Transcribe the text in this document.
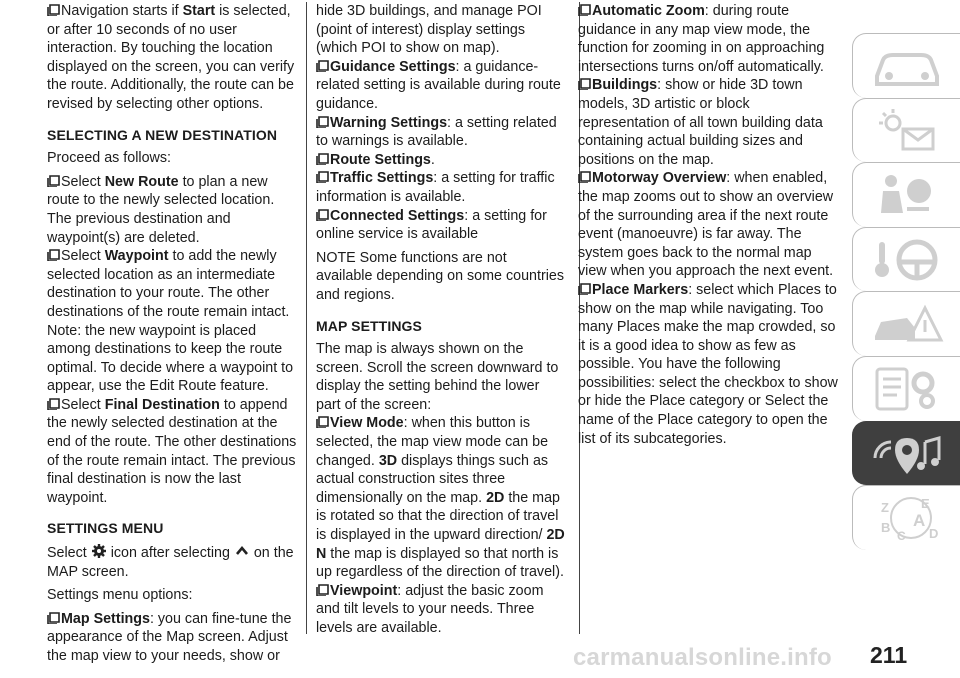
Navigation starts if Start is selected, or after 10 seconds of no user interaction. By touching the location displayed on the screen, you can verify the route. Additionally, the route can be revised by selecting other options.

SELECTING A NEW DESTINATION

Proceed as follows:

Select New Route to plan a new route to the newly selected location. The previous destination and waypoint(s) are deleted.
Select Waypoint to add the newly selected location as an intermediate destination to your route. The other destinations of the route remain intact. Note: the new waypoint is placed among destinations to keep the route optimal. To decide where a waypoint to appear, use the Edit Route feature.
Select Final Destination to append the newly selected destination at the end of the route. The other destinations of the route remain intact. The previous final destination is now the last waypoint.
SETTINGS MENU

Select  icon after selecting  on the MAP screen.

Settings menu options:

Map Settings: you can fine-tune the appearance of the Map screen. Adjust the map view to your needs, show or
hide 3D buildings, and manage POI (point of interest) display settings (which POI to show on map).
Guidance Settings: a guidance-related setting is available during route guidance.
Warning Settings: a setting related to warnings is available.
Route Settings.
Traffic Settings: a setting for traffic information is available.
Connected Settings: a setting for online service is available

NOTE Some functions are not available depending on some countries and regions.

MAP SETTINGS
The map is always shown on the screen. Scroll the screen downward to display the setting behind the lower part of the screen:
View Mode: when this button is selected, the map view mode can be changed. 3D displays things such as actual construction sites three dimensionally on the map. 2D the map is rotated so that the direction of travel is displayed in the upward direction/ 2D N the map is displayed so that north is up regardless of the direction of travel).
Viewpoint: adjust the basic zoom and tilt levels to your needs. Three levels are available.
Automatic Zoom: during route guidance in any map view mode, the function for zooming in on approaching intersections turns on/off automatically.
Buildings: show or hide 3D town models, 3D artistic or block representation of all town building data containing actual building sizes and positions on the map.
Motorway Overview: when enabled, the map zooms out to show an overview of the surrounding area if the next route event (manoeuvre) is far away. The system goes back to the normal map view when you approach the next event.
Place Markers: select which Places to show on the map while navigating. Too many Places make the map crowded, so it is a good idea to show as few as possible. You have the following possibilities: select the checkbox to show or hide the Place category or Select the name of the Place category to open the list of its subcategories.
Z E
A
B
C D
carmanualsonline.info 211
